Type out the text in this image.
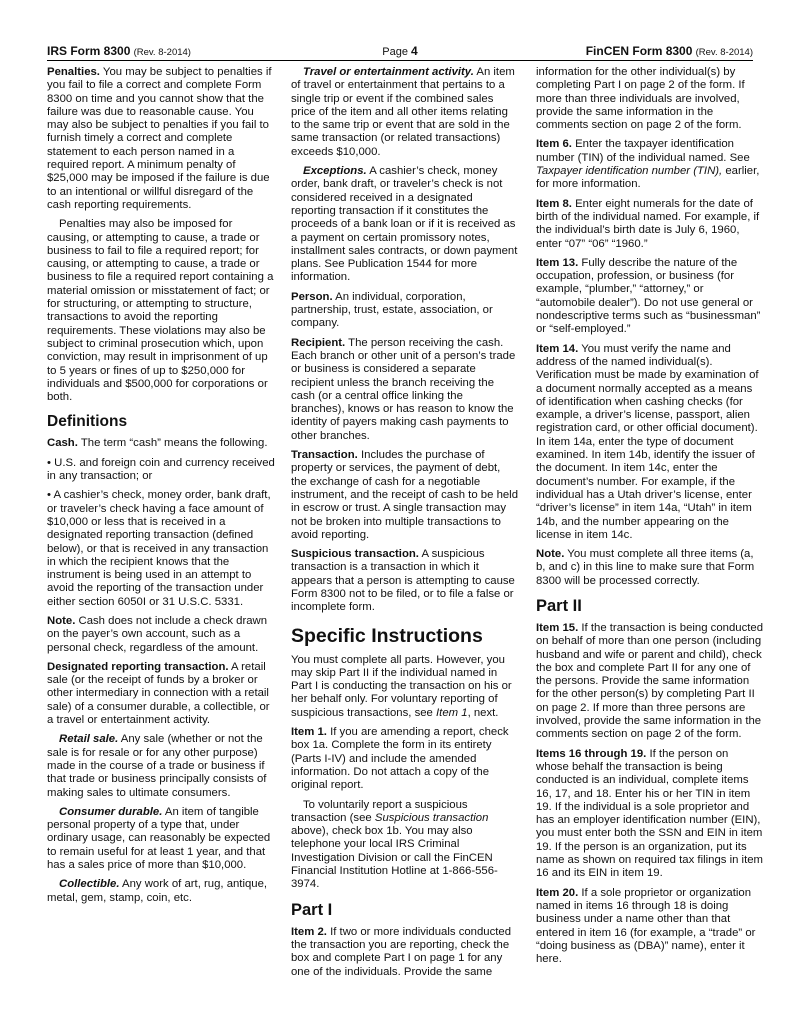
IRS Form 8300 (Rev. 8-2014)	Page 4	FinCEN Form 8300 (Rev. 8-2014)

Penalties. You may be subject to penalties if you fail to file a correct and complete Form 8300 on time and you cannot show that the failure was due to reasonable cause. You may also be subject to penalties if you fail to furnish timely a correct and complete statement to each person named in a required report. A minimum penalty of $25,000 may be imposed if the failure is due to an intentional or willful disregard of the cash reporting requirements.

Penalties may also be imposed for causing, or attempting to cause, a trade or business to fail to file a required report; for causing, or attempting to cause, a trade or business to file a required report containing a material omission or misstatement of fact; or for structuring, or attempting to structure, transactions to avoid the reporting requirements. These violations may also be subject to criminal prosecution which, upon conviction, may result in imprisonment of up to 5 years or fines of up to $250,000 for individuals and $500,000 for corporations or both.

Definitions

Cash. The term “cash” means the following.

• U.S. and foreign coin and currency received in any transaction; or

• A cashier’s check, money order, bank draft, or traveler’s check having a face amount of $10,000 or less that is received in a designated reporting transaction (defined below), or that is received in any transaction in which the recipient knows that the instrument is being used in an attempt to avoid the reporting of the transaction under either section 6050I or 31 U.S.C. 5331.

Note. Cash does not include a check drawn on the payer’s own account, such as a personal check, regardless of the amount.

Designated reporting transaction. A retail sale (or the receipt of funds by a broker or other intermediary in connection with a retail sale) of a consumer durable, a collectible, or a travel or entertainment activity.

Retail sale. Any sale (whether or not the sale is for resale or for any other purpose) made in the course of a trade or business if that trade or business principally consists of making sales to ultimate consumers.

Consumer durable. An item of tangible personal property of a type that, under ordinary usage, can reasonably be expected to remain useful for at least 1 year, and that has a sales price of more than $10,000.

Collectible. Any work of art, rug, antique, metal, gem, stamp, coin, etc.

Travel or entertainment activity. An item of travel or entertainment that pertains to a single trip or event if the combined sales price of the item and all other items relating to the same trip or event that are sold in the same transaction (or related transactions) exceeds $10,000.

Exceptions. A cashier’s check, money order, bank draft, or traveler’s check is not considered received in a designated reporting transaction if it constitutes the proceeds of a bank loan or if it is received as a payment on certain promissory notes, installment sales contracts, or down payment plans. See Publication 1544 for more information.

Person. An individual, corporation, partnership, trust, estate, association, or company.

Recipient. The person receiving the cash. Each branch or other unit of a person’s trade or business is considered a separate recipient unless the branch receiving the cash (or a central office linking the branches), knows or has reason to know the identity of payers making cash payments to other branches.

Transaction. Includes the purchase of property or services, the payment of debt, the exchange of cash for a negotiable instrument, and the receipt of cash to be held in escrow or trust. A single transaction may not be broken into multiple transactions to avoid reporting.

Suspicious transaction. A suspicious transaction is a transaction in which it appears that a person is attempting to cause Form 8300 not to be filed, or to file a false or incomplete form.

Specific Instructions

You must complete all parts. However, you may skip Part II if the individual named in Part I is conducting the transaction on his or her behalf only. For voluntary reporting of suspicious transactions, see Item 1, next.

Item 1. If you are amending a report, check box 1a. Complete the form in its entirety (Parts I-IV) and include the amended information. Do not attach a copy of the original report.

To voluntarily report a suspicious transaction (see Suspicious transaction above), check box 1b. You may also telephone your local IRS Criminal Investigation Division or call the FinCEN Financial Institution Hotline at 1-866-556-3974.

Part I

Item 2. If two or more individuals conducted the transaction you are reporting, check the box and complete Part I on page 1 for any one of the individuals. Provide the same

information for the other individual(s) by completing Part I on page 2 of the form. If more than three individuals are involved, provide the same information in the comments section on page 2 of the form.

Item 6. Enter the taxpayer identification number (TIN) of the individual named. See Taxpayer identification number (TIN), earlier, for more information.

Item 8. Enter eight numerals for the date of birth of the individual named. For example, if the individual’s birth date is July 6, 1960, enter “07” “06” “1960.”

Item 13. Fully describe the nature of the occupation, profession, or business (for example, “plumber,” “attorney,” or “automobile dealer”). Do not use general or nondescriptive terms such as “businessman” or “self-employed.”

Item 14. You must verify the name and address of the named individual(s). Verification must be made by examination of a document normally accepted as a means of identification when cashing checks (for example, a driver’s license, passport, alien registration card, or other official document). In item 14a, enter the type of document examined. In item 14b, identify the issuer of the document. In item 14c, enter the document’s number. For example, if the individual has a Utah driver’s license, enter “driver’s license” in item 14a, “Utah” in item 14b, and the number appearing on the license in item 14c.

Note. You must complete all three items (a, b, and c) in this line to make sure that Form 8300 will be processed correctly.

Part II

Item 15. If the transaction is being conducted on behalf of more than one person (including husband and wife or parent and child), check the box and complete Part II for any one of the persons. Provide the same information for the other person(s) by completing Part II on page 2. If more than three persons are involved, provide the same information in the comments section on page 2 of the form.

Items 16 through 19. If the person on whose behalf the transaction is being conducted is an individual, complete items 16, 17, and 18. Enter his or her TIN in item 19. If the individual is a sole proprietor and has an employer identification number (EIN), you must enter both the SSN and EIN in item 19. If the person is an organization, put its name as shown on required tax filings in item 16 and its EIN in item 19.

Item 20. If a sole proprietor or organization named in items 16 through 18 is doing business under a name other than that entered in item 16 (for example, a “trade” or “doing business as (DBA)” name), enter it here.
